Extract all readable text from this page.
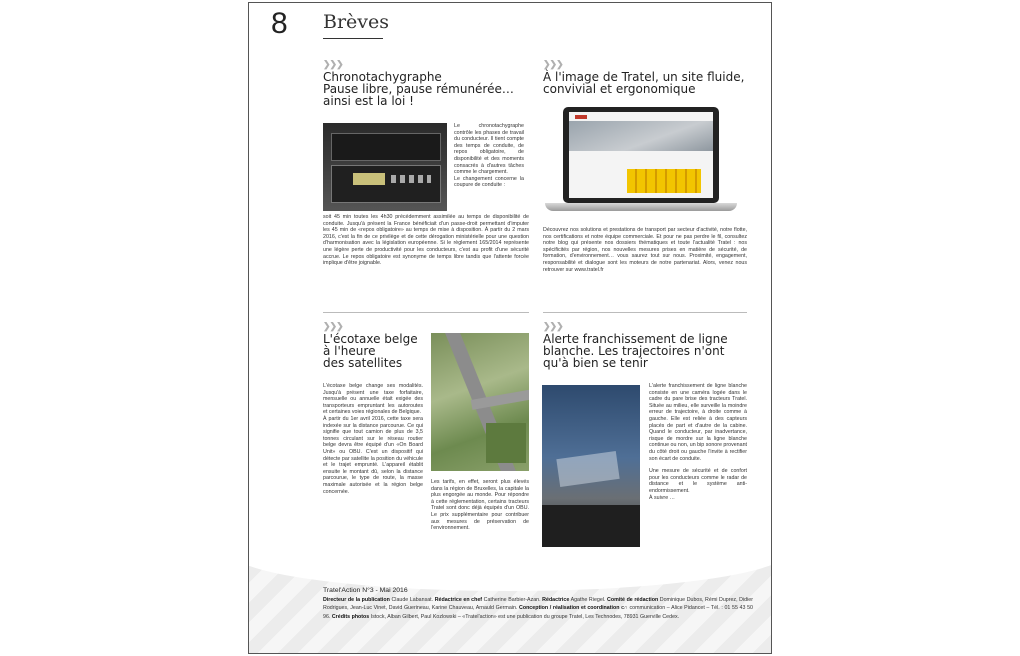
8 Brèves
❯❯❯
Chronotachygraphe
Pause libre, pause rémunérée…
ainsi est la loi !

Le chronotachygraphe contrôle les phases de travail du conducteur. Il tient compte des temps de conduite, de repos obligatoire, de disponibilité et des moments consacrés à d'autres tâches comme le chargement.

Le changement concerne la coupure de conduite :

soit 45 min toutes les 4h30 précédemment assimilée au temps de disponibilité de conduite. Jusqu'à présent la France bénéficiait d'un passe-droit permettant d'imputer les 45 min de «repos obligatoire» au temps de mise à disposition. À partir du 2 mars 2016, c'est la fin de ce privilège et de cette dérogation ministérielle pour une question d'harmonisation avec la législation européenne. Si le règlement 165/2014 représente une légère perte de productivité pour les conducteurs, c'est au profit d'une sécurité accrue. Le repos obligatoire est synonyme de temps libre tandis que l'attente forcée implique d'être joignable.

❯❯❯
À l'image de Tratel, un site fluide,
convivial et ergonomique

Découvrez nos solutions et prestations de transport par secteur d'activité, notre flotte, nos certifications et notre équipe commerciale. Et pour ne pas perdre le fil, consultez notre blog qui présente nos dossiers thématiques et toute l'actualité Tratel : nos spécificités par région, nos nouvelles mesures prises en matière de sécurité, de formation, d'environnement… vous saurez tout sur nous. Proximité, engagement, responsabilité et dialogue sont les moteurs de notre partenariat. Alors, venez nous retrouver sur www.tratel.fr

❯❯❯
L'écotaxe belge
à l'heure
des satellites

L'écotaxe belge change ses modalités. Jusqu'à présent une taxe forfaitaire, mensuelle ou annuelle était exigée des transporteurs empruntant les autoroutes et certaines voies régionales de Belgique.

À partir du 1er avril 2016, cette taxe sera indexée sur la distance parcourue. Ce qui signifie que tout camion de plus de 3,5 tonnes circulant sur le réseau routier belge devra être équipé d'un «On Board Unit» ou OBU. C'est un dispositif qui détecte par satellite la position du véhicule et le trajet emprunté. L'appareil établit ensuite le montant dû, selon la distance parcourue, le type de route, la masse maximale autorisée et la région belge concernée.

Les tarifs, en effet, seront plus élevés dans la région de Bruxelles, la capitale la plus engorgée au monde. Pour répondre à cette réglementation, certains tracteurs Tratel sont donc déjà équipés d'un OBU. Le prix supplémentaire pour contribuer aux mesures de préservation de l'environnement.

❯❯❯
Alerte franchissement de ligne
blanche. Les trajectoires n'ont
qu'à bien se tenir

L'alerte franchissement de ligne blanche consiste en une caméra logée dans le cadre du pare brise des tracteurs Tratel. Située au milieu, elle surveille la moindre erreur de trajectoire, à droite comme à gauche. Elle est reliée à des capteurs placés de part et d'autre de la cabine. Quand le conducteur, par inadvertance, risque de mordre sur la ligne blanche continue ou non, un bip sonore provenant du côté droit ou gauche l'invite à rectifier son écart de conduite.

Une mesure de sécurité et de confort pour les conducteurs comme le radar de distance et le système anti-endormissement.

À suivre …

Tratel'Action N°3 - Mai 2016
Directeur de la publication Claude Labansat. Rédactrice en chef Catherine Barbier-Azan. Rédactrice Agathe Riegel. Comité de rédaction Dominique Dubos, Rémi Duprez, Didier Rodrigues, Jean-Luc Vinet, David Guerineau, Karine Chauveau, Arnauld Germain. Conception / réalisation et coordination c∩ communication – Alice Pidancet – Tél. : 01 55 43 50 96. Crédits photos Istock, Alban Gilbert, Paul Kozlowski – «Tratel'action» est une publication du groupe Tratel, Les Technodes, 78931 Guerville Cedex.
